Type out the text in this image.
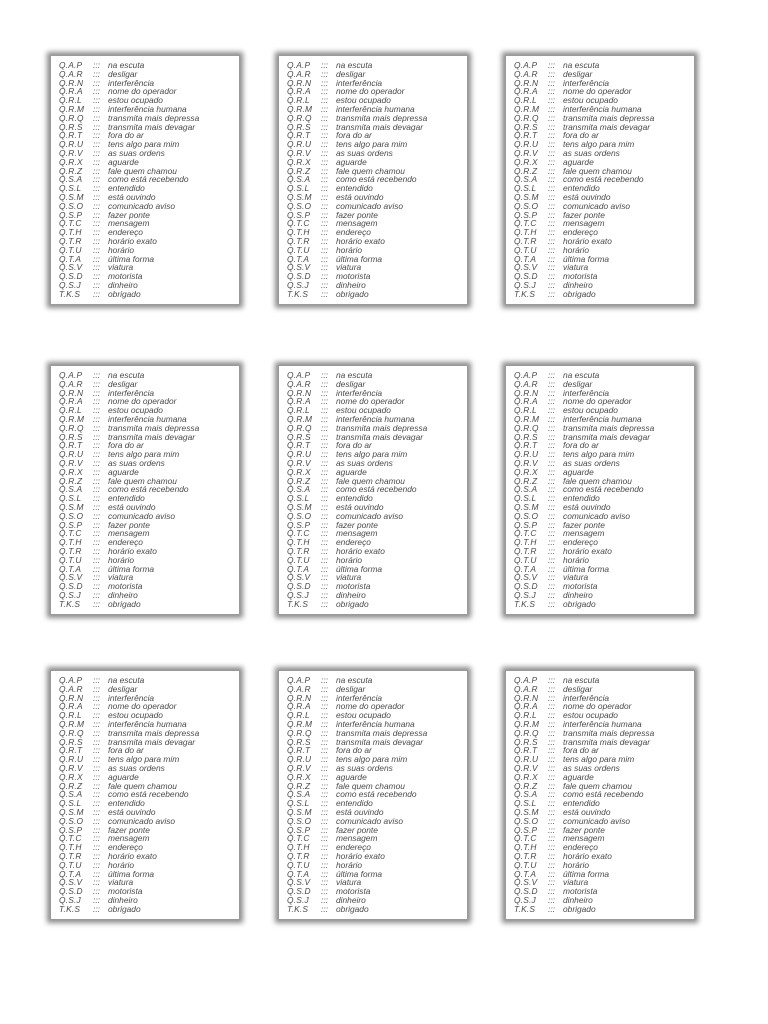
Q.A.P	::: na escuta
Q.A.R	::: desligar
Q.R.N	::: interferência
Q.R.A	::: nome do operador
Q.R.L	::: estou ocupado
Q.R.M	::: interferência humana
Q.R.Q	::: transmita mais depressa
Q.R.S	::: transmita mais devagar
Q.R.T	::: fora do ar
Q.R.U	::: tens algo para mim
Q.R.V	::: as suas ordens
Q.R.X	::: aguarde
Q.R.Z	::: fale quem chamou
Q.S.A	::: como está recebendo
Q.S.L	::: entendido
Q.S.M	::: está ouvindo
Q.S.O	::: comunicado aviso
Q.S.P	::: fazer ponte
Q.T.C	::: mensagem
Q.T.H	::: endereço
Q.T.R	::: horário exato
Q.T.U	::: horário
Q.T.A	::: última forma
Q.S.V	::: viatura
Q.S.D	::: motorista
Q.S.J	::: dinheiro
T.K.S	::: obrigado
Q.A.P	::: na escuta
Q.A.R	::: desligar
Q.R.N	::: interferência
Q.R.A	::: nome do operador
Q.R.L	::: estou ocupado
Q.R.M	::: interferência humana
Q.R.Q	::: transmita mais depressa
Q.R.S	::: transmita mais devagar
Q.R.T	::: fora do ar
Q.R.U	::: tens algo para mim
Q.R.V	::: as suas ordens
Q.R.X	::: aguarde
Q.R.Z	::: fale quem chamou
Q.S.A	::: como está recebendo
Q.S.L	::: entendido
Q.S.M	::: está ouvindo
Q.S.O	::: comunicado aviso
Q.S.P	::: fazer ponte
Q.T.C	::: mensagem
Q.T.H	::: endereço
Q.T.R	::: horário exato
Q.T.U	::: horário
Q.T.A	::: última forma
Q.S.V	::: viatura
Q.S.D	::: motorista
Q.S.J	::: dinheiro
T.K.S	::: obrigado
Q.A.P	::: na escuta
Q.A.R	::: desligar
Q.R.N	::: interferência
Q.R.A	::: nome do operador
Q.R.L	::: estou ocupado
Q.R.M	::: interferência humana
Q.R.Q	::: transmita mais depressa
Q.R.S	::: transmita mais devagar
Q.R.T	::: fora do ar
Q.R.U	::: tens algo para mim
Q.R.V	::: as suas ordens
Q.R.X	::: aguarde
Q.R.Z	::: fale quem chamou
Q.S.A	::: como está recebendo
Q.S.L	::: entendido
Q.S.M	::: está ouvindo
Q.S.O	::: comunicado aviso
Q.S.P	::: fazer ponte
Q.T.C	::: mensagem
Q.T.H	::: endereço
Q.T.R	::: horário exato
Q.T.U	::: horário
Q.T.A	::: última forma
Q.S.V	::: viatura
Q.S.D	::: motorista
Q.S.J	::: dinheiro
T.K.S	::: obrigado
Q.A.P	::: na escuta
Q.A.R	::: desligar
Q.R.N	::: interferência
Q.R.A	::: nome do operador
Q.R.L	::: estou ocupado
Q.R.M	::: interferência humana
Q.R.Q	::: transmita mais depressa
Q.R.S	::: transmita mais devagar
Q.R.T	::: fora do ar
Q.R.U	::: tens algo para mim
Q.R.V	::: as suas ordens
Q.R.X	::: aguarde
Q.R.Z	::: fale quem chamou
Q.S.A	::: como está recebendo
Q.S.L	::: entendido
Q.S.M	::: está ouvindo
Q.S.O	::: comunicado aviso
Q.S.P	::: fazer ponte
Q.T.C	::: mensagem
Q.T.H	::: endereço
Q.T.R	::: horário exato
Q.T.U	::: horário
Q.T.A	::: última forma
Q.S.V	::: viatura
Q.S.D	::: motorista
Q.S.J	::: dinheiro
T.K.S	::: obrigado
Q.A.P	::: na escuta
Q.A.R	::: desligar
Q.R.N	::: interferência
Q.R.A	::: nome do operador
Q.R.L	::: estou ocupado
Q.R.M	::: interferência humana
Q.R.Q	::: transmita mais depressa
Q.R.S	::: transmita mais devagar
Q.R.T	::: fora do ar
Q.R.U	::: tens algo para mim
Q.R.V	::: as suas ordens
Q.R.X	::: aguarde
Q.R.Z	::: fale quem chamou
Q.S.A	::: como está recebendo
Q.S.L	::: entendido
Q.S.M	::: está ouvindo
Q.S.O	::: comunicado aviso
Q.S.P	::: fazer ponte
Q.T.C	::: mensagem
Q.T.H	::: endereço
Q.T.R	::: horário exato
Q.T.U	::: horário
Q.T.A	::: última forma
Q.S.V	::: viatura
Q.S.D	::: motorista
Q.S.J	::: dinheiro
T.K.S	::: obrigado
Q.A.P	::: na escuta
Q.A.R	::: desligar
Q.R.N	::: interferência
Q.R.A	::: nome do operador
Q.R.L	::: estou ocupado
Q.R.M	::: interferência humana
Q.R.Q	::: transmita mais depressa
Q.R.S	::: transmita mais devagar
Q.R.T	::: fora do ar
Q.R.U	::: tens algo para mim
Q.R.V	::: as suas ordens
Q.R.X	::: aguarde
Q.R.Z	::: fale quem chamou
Q.S.A	::: como está recebendo
Q.S.L	::: entendido
Q.S.M	::: está ouvindo
Q.S.O	::: comunicado aviso
Q.S.P	::: fazer ponte
Q.T.C	::: mensagem
Q.T.H	::: endereço
Q.T.R	::: horário exato
Q.T.U	::: horário
Q.T.A	::: última forma
Q.S.V	::: viatura
Q.S.D	::: motorista
Q.S.J	::: dinheiro
T.K.S	::: obrigado
Q.A.P	::: na escuta
Q.A.R	::: desligar
Q.R.N	::: interferência
Q.R.A	::: nome do operador
Q.R.L	::: estou ocupado
Q.R.M	::: interferência humana
Q.R.Q	::: transmita mais depressa
Q.R.S	::: transmita mais devagar
Q.R.T	::: fora do ar
Q.R.U	::: tens algo para mim
Q.R.V	::: as suas ordens
Q.R.X	::: aguarde
Q.R.Z	::: fale quem chamou
Q.S.A	::: como está recebendo
Q.S.L	::: entendido
Q.S.M	::: está ouvindo
Q.S.O	::: comunicado aviso
Q.S.P	::: fazer ponte
Q.T.C	::: mensagem
Q.T.H	::: endereço
Q.T.R	::: horário exato
Q.T.U	::: horário
Q.T.A	::: última forma
Q.S.V	::: viatura
Q.S.D	::: motorista
Q.S.J	::: dinheiro
T.K.S	::: obrigado
Q.A.P	::: na escuta
Q.A.R	::: desligar
Q.R.N	::: interferência
Q.R.A	::: nome do operador
Q.R.L	::: estou ocupado
Q.R.M	::: interferência humana
Q.R.Q	::: transmita mais depressa
Q.R.S	::: transmita mais devagar
Q.R.T	::: fora do ar
Q.R.U	::: tens algo para mim
Q.R.V	::: as suas ordens
Q.R.X	::: aguarde
Q.R.Z	::: fale quem chamou
Q.S.A	::: como está recebendo
Q.S.L	::: entendido
Q.S.M	::: está ouvindo
Q.S.O	::: comunicado aviso
Q.S.P	::: fazer ponte
Q.T.C	::: mensagem
Q.T.H	::: endereço
Q.T.R	::: horário exato
Q.T.U	::: horário
Q.T.A	::: última forma
Q.S.V	::: viatura
Q.S.D	::: motorista
Q.S.J	::: dinheiro
T.K.S	::: obrigado
Q.A.P	::: na escuta
Q.A.R	::: desligar
Q.R.N	::: interferência
Q.R.A	::: nome do operador
Q.R.L	::: estou ocupado
Q.R.M	::: interferência humana
Q.R.Q	::: transmita mais depressa
Q.R.S	::: transmita mais devagar
Q.R.T	::: fora do ar
Q.R.U	::: tens algo para mim
Q.R.V	::: as suas ordens
Q.R.X	::: aguarde
Q.R.Z	::: fale quem chamou
Q.S.A	::: como está recebendo
Q.S.L	::: entendido
Q.S.M	::: está ouvindo
Q.S.O	::: comunicado aviso
Q.S.P	::: fazer ponte
Q.T.C	::: mensagem
Q.T.H	::: endereço
Q.T.R	::: horário exato
Q.T.U	::: horário
Q.T.A	::: última forma
Q.S.V	::: viatura
Q.S.D	::: motorista
Q.S.J	::: dinheiro
T.K.S	::: obrigado
